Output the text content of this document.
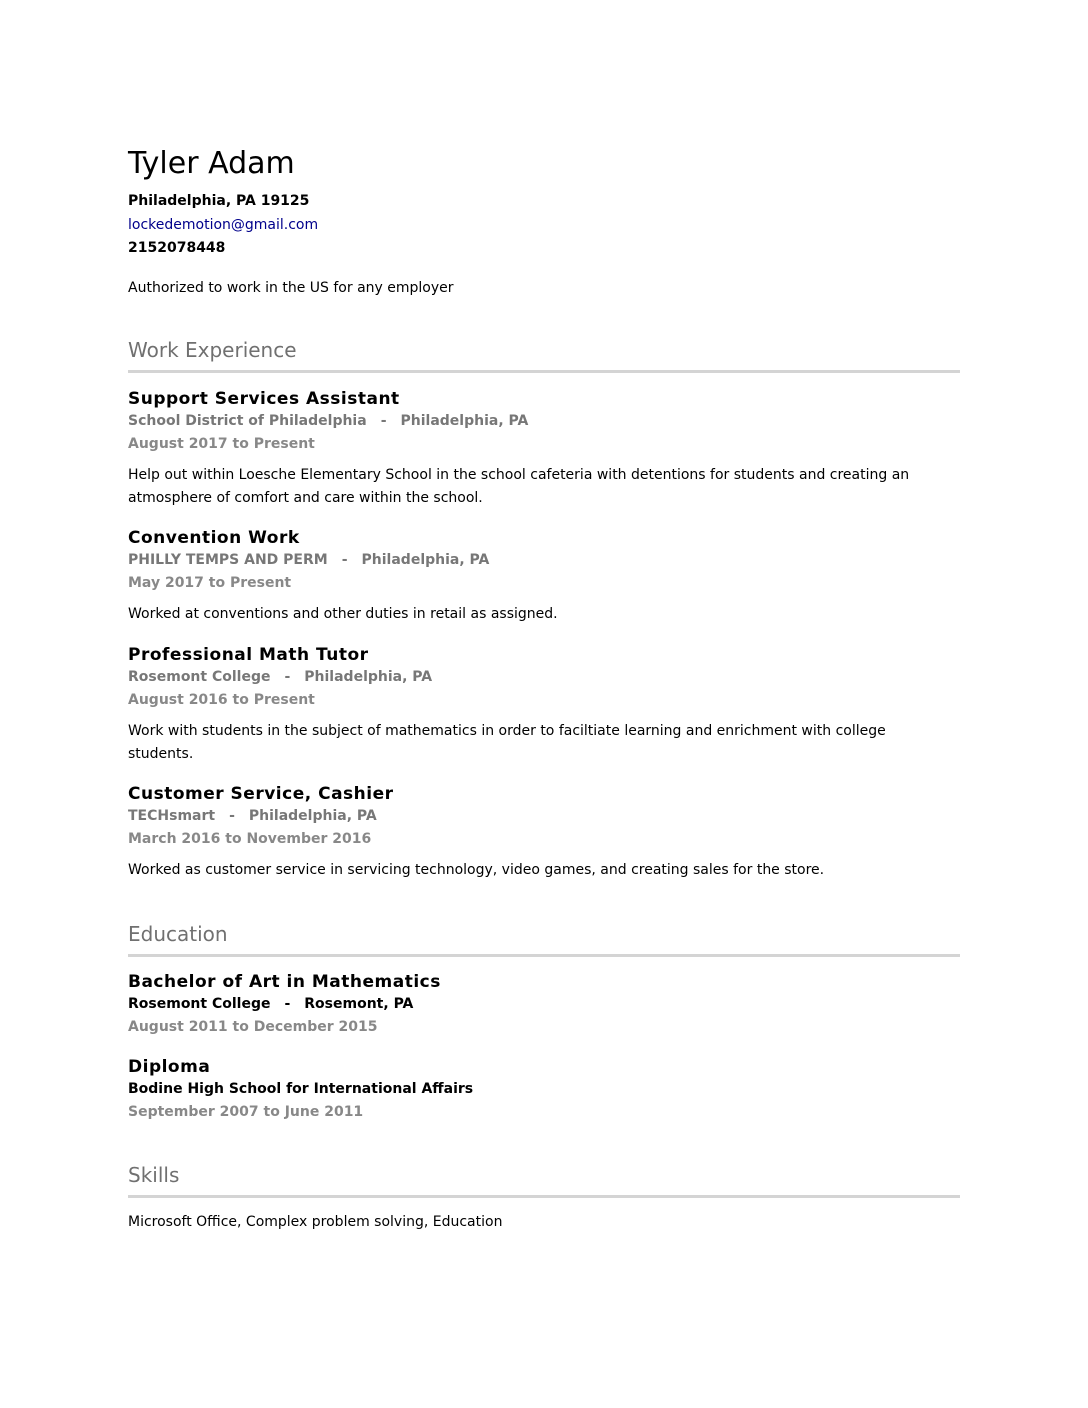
Tyler Adam
Philadelphia, PA 19125
lockedemotion@gmail.com
2152078448
Authorized to work in the US for any employer
Work Experience
Support Services Assistant
School District of Philadelphia - Philadelphia, PA
August 2017 to Present
Help out within Loesche Elementary School in the school cafeteria with detentions for students and creating an atmosphere of comfort and care within the school.
Convention Work
PHILLY TEMPS AND PERM - Philadelphia, PA
May 2017 to Present
Worked at conventions and other duties in retail as assigned.
Professional Math Tutor
Rosemont College - Philadelphia, PA
August 2016 to Present
Work with students in the subject of mathematics in order to faciltiate learning and enrichment with college students.
Customer Service, Cashier
TECHsmart - Philadelphia, PA
March 2016 to November 2016
Worked as customer service in servicing technology, video games, and creating sales for the store.
Education
Bachelor of Art in Mathematics
Rosemont College - Rosemont, PA
August 2011 to December 2015
Diploma
Bodine High School for International Affairs
September 2007 to June 2011
Skills
Microsoft Office, Complex problem solving, Education
